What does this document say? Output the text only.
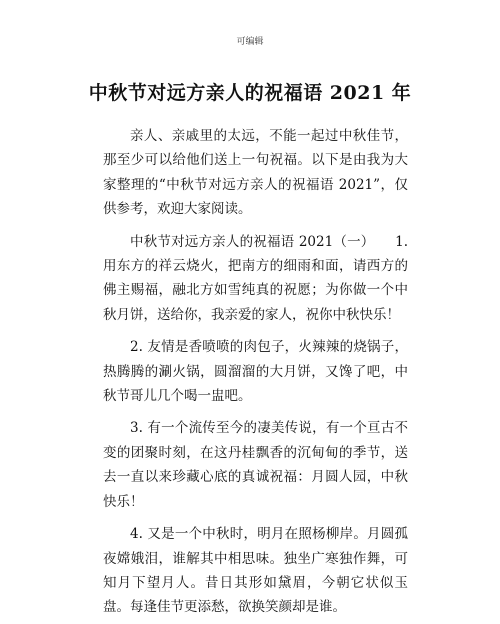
可编辑
中秋节对远方亲人的祝福语 2021 年

亲人、亲戚里的太远，不能一起过中秋佳节，那至少可以给他们送上一句祝福。以下是由我为大家整理的“中秋节对远方亲人的祝福语 2021”，仅供参考，欢迎大家阅读。

中秋节对远方亲人的祝福语 2021（一）　　1. 用东方的祥云烧火，把南方的细雨和面，请西方的佛主赐福，融北方如雪纯真的祝愿；为你做一个中秋月饼，送给你，我亲爱的家人，祝你中秋快乐！

2. 友情是香喷喷的肉包子，火辣辣的烧锅子，热腾腾的涮火锅，圆溜溜的大月饼，又馋了吧，中秋节哥儿几个喝一盅吧。

3. 有一个流传至今的凄美传说，有一个亘古不变的团聚时刻，在这丹桂飘香的沉甸甸的季节，送去一直以来珍藏心底的真诚祝福：月圆人园，中秋快乐！

4. 又是一个中秋时，明月在照杨柳岸。月圆孤夜嫦娥泪，谁解其中相思味。独坐广寒独作舞，可知月下望月人。昔日其形如黛眉，今朝它状似玉盘。每逢佳节更添愁，欲换笑颜却是谁。
